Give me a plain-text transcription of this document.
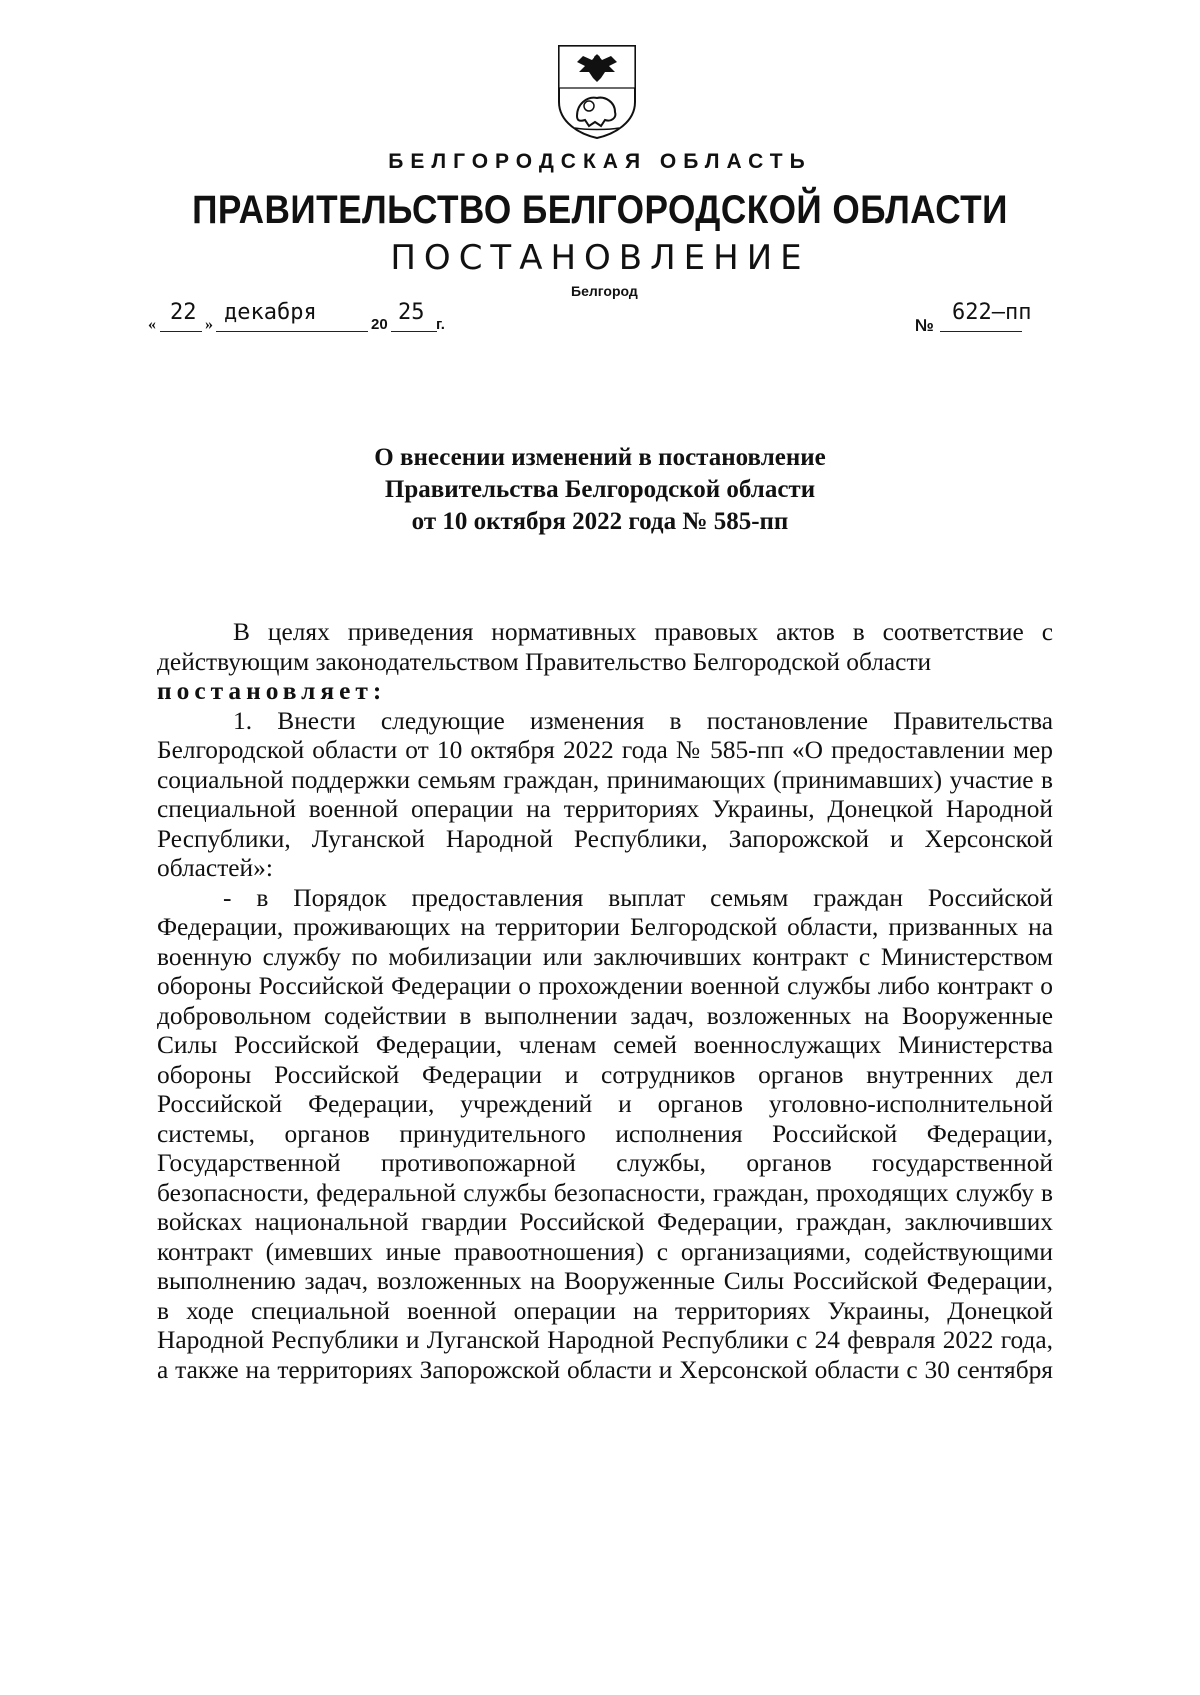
БЕЛГОРОДСКАЯ ОБЛАСТЬ
ПРАВИТЕЛЬСТВО БЕЛГОРОДСКОЙ ОБЛАСТИ
ПОСТАНОВЛЕНИЕ
Белгород
« 22 » декабря	20 25 г.	№
622–пп
О внесении изменений в постановление
Правительства Белгородской области
от 10 октября 2022 года № 585-пп

В целях приведения нормативных правовых актов в соответствие с действующим законодательством Правительство Белгородской области
постановляет:

1. Внести следующие изменения в постановление Правительства Белгородской области от 10 октября 2022 года № 585-пп «О предоставлении мер социальной поддержки семьям граждан, принимающих (принимавших) участие в специальной военной операции на территориях Украины, Донецкой Народной Республики, Луганской Народной Республики, Запорожской и Херсонской областей»:

- в Порядок предоставления выплат семьям граждан Российской Федерации, проживающих на территории Белгородской области, призванных на военную службу по мобилизации или заключивших контракт с Министерством обороны Российской Федерации о прохождении военной службы либо контракт о добровольном содействии в выполнении задач, возложенных на Вооруженные Силы Российской Федерации, членам семей военнослужащих Министерства обороны Российской Федерации и сотрудников органов внутренних дел Российской Федерации, учреждений и органов уголовно-исполнительной системы, органов принудительного исполнения Российской Федерации, Государственной противопожарной службы, органов государственной безопасности, федеральной службы безопасности, граждан, проходящих службу в войсках национальной гвардии Российской Федерации, граждан, заключивших контракт (имевших иные правоотношения) с организациями, содействующими выполнению задач, возложенных на Вооруженные Силы Российской Федерации, в ходе специальной военной операции на территориях Украины, Донецкой Народной Республики и Луганской Народной Республики с 24 февраля 2022 года, а также на территориях Запорожской области и Херсонской области с 30 сентября
